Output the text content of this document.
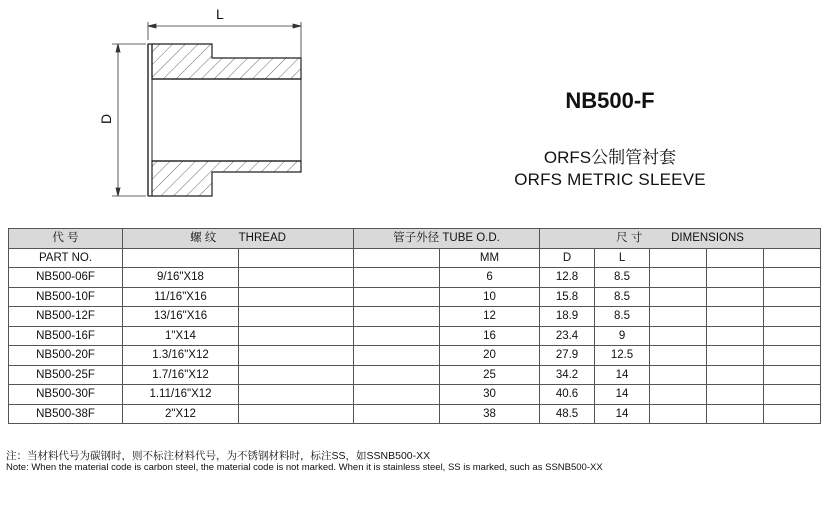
L
D
NB500-F
ORFS公制管衬套
ORFS METRIC SLEEVE
代 号	螺 纹 THREAD		管子外径 TUBE O.D.		尺 寸 DIMENSIONS				
PART NO.				MM	D	L			
NB500-06F	9/16"X18			6	12.8	8.5			
NB500-10F	11/16"X16			10	15.8	8.5			
NB500-12F	13/16"X16			12	18.9	8.5			
NB500-16F	1"X14			16	23.4	9			
NB500-20F	1.3/16"X12			20	27.9	12.5			
NB500-25F	1.7/16"X12			25	34.2	14			
NB500-30F	1.11/16"X12			30	40.6	14			
NB500-38F	2"X12			38	48.5	14			
注：当材料代号为碳钢时，则不标注材料代号，为不锈钢材料时，标注SS，如SSNB500-XX
Note: When the material code is carbon steel, the material code is not marked. When it is stainless steel, SS is marked, such as SSNB500-XX
